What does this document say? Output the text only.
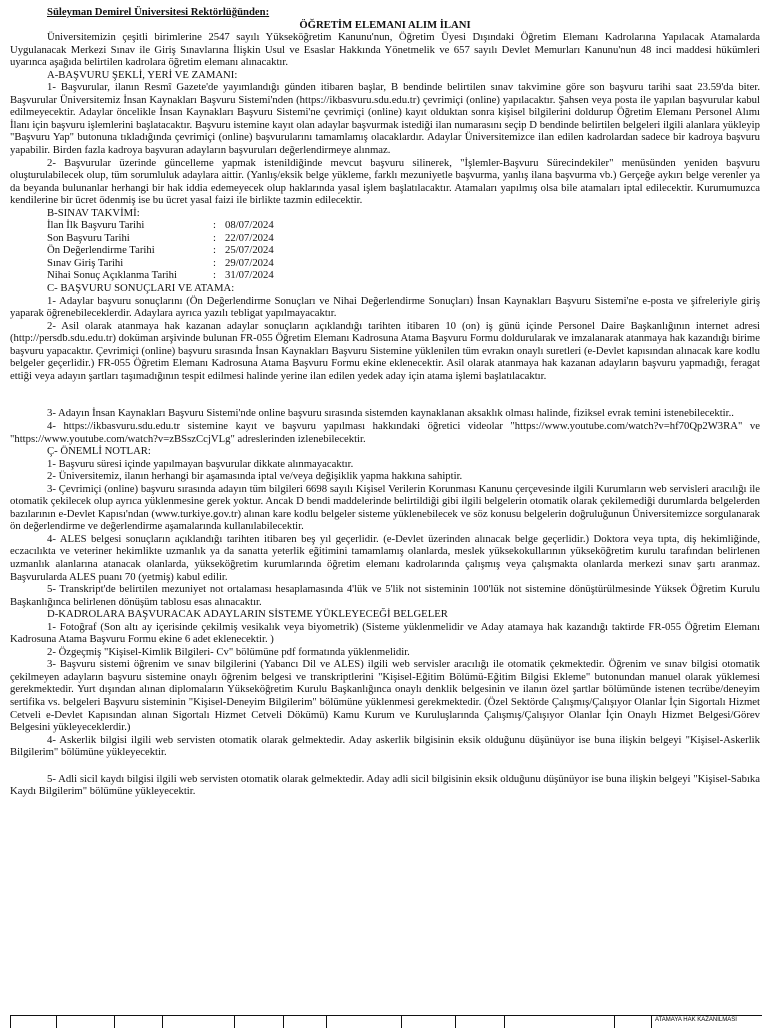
Süleyman Demirel Üniversitesi Rektörlüğünden:

ÖĞRETİM ELEMANI ALIM İLANI

Üniversitemizin çeşitli birimlerine 2547 sayılı Yükseköğretim Kanunu'nun, Öğretim Üyesi Dışındaki Öğretim Elemanı Kadrolarına Yapılacak Atamalarda Uygulanacak Merkezi Sınav ile Giriş Sınavlarına İlişkin Usul ve Esaslar Hakkında Yönetmelik ve 657 sayılı Devlet Memurları Kanunu'nun 48 inci maddesi hükümleri uyarınca aşağıda belirtilen kadrolara öğretim elemanı alınacaktır.

A-BAŞVURU ŞEKLİ, YERİ VE ZAMANI:

1- Başvurular, ilanın Resmî Gazete'de yayımlandığı günden itibaren başlar, B bendinde belirtilen sınav takvimine göre son başvuru tarihi saat 23.59'da biter. Başvurular Üniversitemiz İnsan Kaynakları Başvuru Sistemi'nden (https://ikbasvuru.sdu.edu.tr) çevrimiçi (online) yapılacaktır. Şahsen veya posta ile yapılan başvurular kabul edilmeyecektir. Adaylar öncelikle İnsan Kaynakları Başvuru Sistemi'ne çevrimiçi (online) kayıt olduktan sonra kişisel bilgilerini doldurup Öğretim Elemanı Personel Alımı İlanı için başvuru işlemlerini başlatacaktır. Başvuru istemine kayıt olan adaylar başvurmak istediği ilan numarasını seçip D bendinde belirtilen belgeleri ilgili alanlara yükleyip "Başvuru Yap" butonuna tıkladığında çevrimiçi (online) başvurularını tamamlamış olacaklardır. Adaylar Üniversitemizce ilan edilen kadrolardan sadece bir kadroya başvuru yapabilir. Birden fazla kadroya başvuran adayların başvuruları değerlendirmeye alınmaz.

2- Başvurular üzerinde güncelleme yapmak istenildiğinde mevcut başvuru silinerek, "İşlemler-Başvuru Sürecindekiler" menüsünden yeniden başvuru oluşturulabilecek olup, tüm sorumluluk adaylara aittir. (Yanlış/eksik belge yükleme, farklı mezuniyetle başvurma, yanlış ilana başvurma vb.) Gerçeğe aykırı belge verenler ya da beyanda bulunanlar herhangi bir hak iddia edemeyecek olup haklarında yasal işlem başlatılacaktır. Atamaları yapılmış olsa bile atamaları iptal edilecektir. Kurumumuzca kendilerine bir ücret ödenmiş ise bu ücret yasal faizi ile birlikte tazmin edilecektir.

B-SINAV TAKVİMİ:

İlan İlk Başvuru Tarihi	: 08/07/2024
Son Başvuru Tarihi	: 22/07/2024
Ön Değerlendirme Tarihi	: 25/07/2024
Sınav Giriş Tarihi	: 29/07/2024
Nihai Sonuç Açıklanma Tarihi	: 31/07/2024

C- BAŞVURU SONUÇLARI VE ATAMA:

1- Adaylar başvuru sonuçlarını (Ön Değerlendirme Sonuçları ve Nihai Değerlendirme Sonuçları) İnsan Kaynakları Başvuru Sistemi'ne e-posta ve şifreleriyle giriş yaparak öğrenebileceklerdir. Adaylara ayrıca yazılı tebligat yapılmayacaktır.

2- Asil olarak atanmaya hak kazanan adaylar sonuçların açıklandığı tarihten itibaren 10 (on) iş günü içinde Personel Daire Başkanlığının internet adresi (http://persdb.sdu.edu.tr) doküman arşivinde bulunan FR-055 Öğretim Elemanı Kadrosuna Atama Başvuru Formu doldurularak ve imzalanarak atanmaya hak kazandığı birime başvuru yapacaktır. Çevrimiçi (online) başvuru sırasında İnsan Kaynakları Başvuru Sistemine yüklenilen tüm evrakın onaylı suretleri (e-Devlet kapısından alınacak kare kodlu belgeler geçerlidir.) FR-055 Öğretim Elemanı Kadrosuna Atama Başvuru Formu ekine eklenecektir. Asil olarak atanmaya hak kazanan adayların başvuru yapmadığı, feragat ettiği veya adayın şartları taşımadığının tespit edilmesi halinde yerine ilan edilen yedek aday için atama işlemi başlatılacaktır.

3- Adayın İnsan Kaynakları Başvuru Sistemi'nde online başvuru sırasında sistemden kaynaklanan aksaklık olması halinde, fiziksel evrak temini istenebilecektir..

4- https://ikbasvuru.sdu.edu.tr sistemine kayıt ve başvuru yapılması hakkındaki öğretici videolar "https://www.youtube.com/watch?v=hf70Qp2W3RA" ve "https://www.youtube.com/watch?v=zBSszCcjVLg" adreslerinden izlenebilecektir.

Ç- ÖNEMLİ NOTLAR:

1- Başvuru süresi içinde yapılmayan başvurular dikkate alınmayacaktır.

2- Üniversitemiz, ilanın herhangi bir aşamasında iptal ve/veya değişiklik yapma hakkına sahiptir.

3- Çevrimiçi (online) başvuru sırasında adayın tüm bilgileri 6698 sayılı Kişisel Verilerin Korunması Kanunu çerçevesinde ilgili Kurumların web servisleri aracılığı ile otomatik çekilecek olup ayrıca yüklenmesine gerek yoktur. Ancak D bendi maddelerinde belirtildiği gibi ilgili belgelerin otomatik olarak çekilemediği durumlarda belgelerden bazılarının e-Devlet Kapısı'ndan (www.turkiye.gov.tr) alınan kare kodlu belgeler sisteme yüklenebilecek ve söz konusu belgelerin doğruluğunun Üniversitemizce sorgulanarak ön değerlendirme ve değerlendirme aşamalarında kullanılabilecektir.

4- ALES belgesi sonuçların açıklandığı tarihten itibaren beş yıl geçerlidir. (e-Devlet üzerinden alınacak belge geçerlidir.) Doktora veya tıpta, diş hekimliğinde, eczacılıkta ve veteriner hekimlikte uzmanlık ya da sanatta yeterlik eğitimini tamamlamış olanlarda, meslek yüksekokullarının yükseköğretim kurulu tarafından belirlenen uzmanlık alanlarına atanacak olanlarda, yükseköğretim kurumlarında öğretim elemanı kadrolarında çalışmış veya çalışmakta olanlarda merkezi sınav şartı aranmaz. Başvurularda ALES puanı 70 (yetmiş) kabul edilir.

5- Transkript'de belirtilen mezuniyet not ortalaması hesaplamasında 4'lük ve 5'lik not sisteminin 100'lük not sistemine dönüştürülmesinde Yüksek Öğretim Kurulu Başkanlığınca belirlenen dönüşüm tablosu esas alınacaktır.

D-KADROLARA BAŞVURACAK ADAYLARIN SİSTEME YÜKLEYECEĞİ BELGELER

1- Fotoğraf (Son altı ay içerisinde çekilmiş vesikalık veya biyometrik) (Sisteme yüklenmelidir ve Aday atamaya hak kazandığı taktirde FR-055 Öğretim Elemanı Kadrosuna Atama Başvuru Formu ekine 6 adet eklenecektir. )

2- Özgeçmiş "Kişisel-Kimlik Bilgileri- Cv" bölümüne pdf formatında yüklenmelidir.

3- Başvuru sistemi öğrenim ve sınav bilgilerini (Yabancı Dil ve ALES) ilgili web servisler aracılığı ile otomatik çekmektedir. Öğrenim ve sınav bilgisi otomatik çekilmeyen adayların başvuru sistemine onaylı öğrenim belgesi ve transkriptlerini "Kişisel-Eğitim Bölümü-Eğitim Bilgisi Ekleme" butonundan manuel olarak yüklemesi gerekmektedir. Yurt dışından alınan diplomaların Yükseköğretim Kurulu Başkanlığınca onaylı denklik belgesinin ve ilanın özel şartlar bölümünde istenen tecrübe/deneyim sertifika vs. belgeleri Başvuru sisteminin "Kişisel-Deneyim Bilgilerim" bölümüne yüklenmesi gerekmektedir. (Özel Sektörde Çalışmış/Çalışıyor Olanlar İçin Sigortalı Hizmet Cetveli e-Devlet Kapısından alınan Sigortalı Hizmet Cetveli Dökümü) Kamu Kurum ve Kuruluşlarında Çalışmış/Çalışıyor Olanlar İçin Onaylı Hizmet Belgesi/Görev Belgesini yükleyeceklerdir.)

4- Askerlik bilgisi ilgili web servisten otomatik olarak gelmektedir. Aday askerlik bilgisinin eksik olduğunu düşünüyor ise buna ilişkin belgeyi "Kişisel-Askerlik Bilgilerim" bölümüne yükleyecektir.

5- Adli sicil kaydı bilgisi ilgili web servisten otomatik olarak gelmektedir. Aday adli sicil bilgisinin eksik olduğunu düşünüyor ise buna ilişkin belgeyi "Kişisel-Sabıka Kaydı Bilgilerim" bölümüne yükleyecektir.

ATAMAYA HAK KAZANILMASI
